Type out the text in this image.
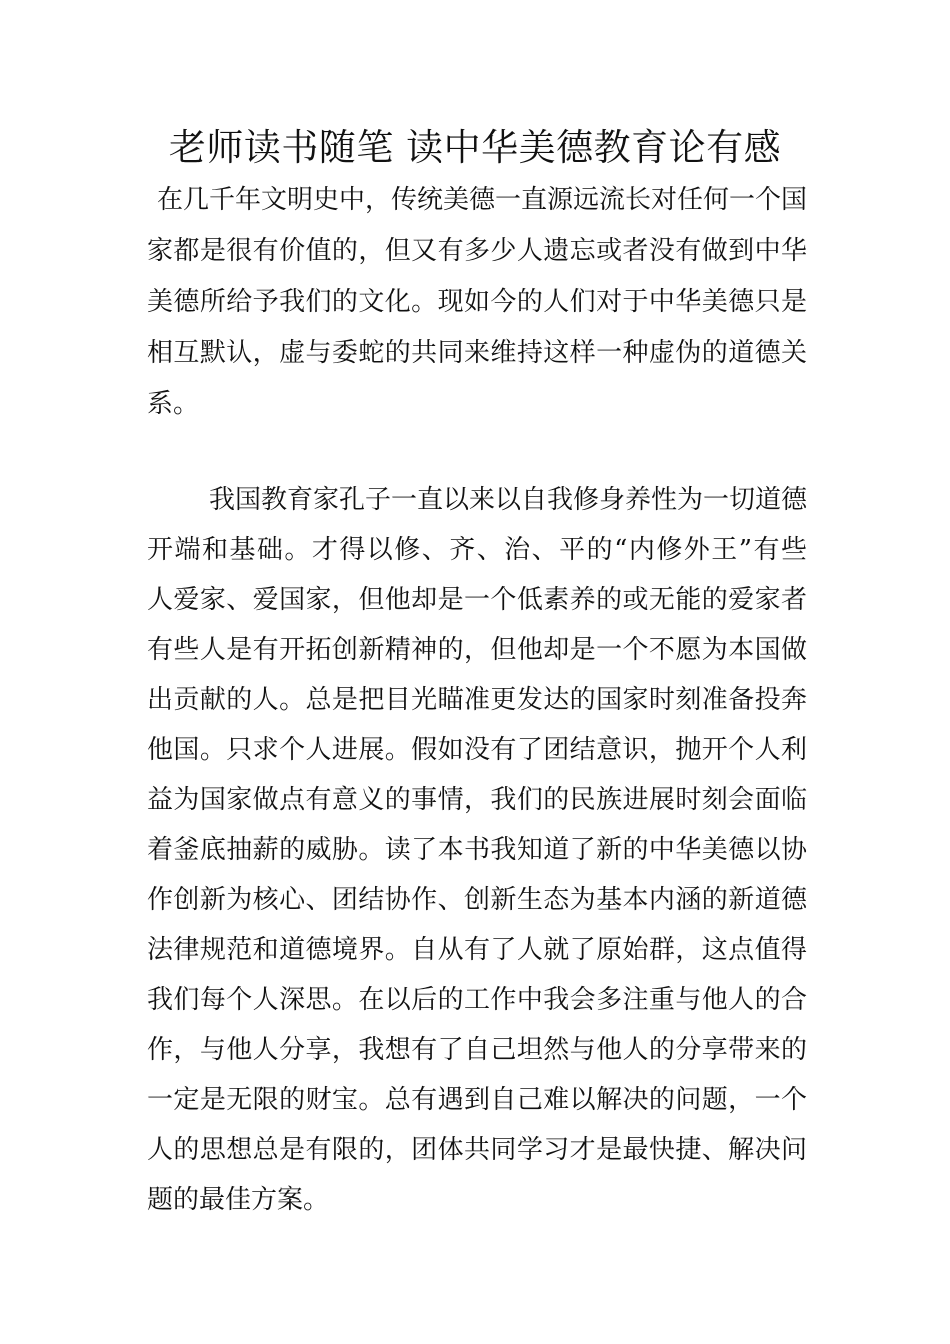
老师读书随笔 读中华美德教育论有感

在几千年文明史中，传统美德一直源远流长对任何一个国

家都是很有价值的，但又有多少人遗忘或者没有做到中华

美德所给予我们的文化。现如今的人们对于中华美德只是

相互默认，虚与委蛇的共同来维持这样一种虚伪的道德关

系。

我国教育家孔子一直以来以自我修身养性为一切道德

开端和基础。才得以修、齐、治、平的“内修外王”有些

人爱家、爱国家，但他却是一个低素养的或无能的爱家者

有些人是有开拓创新精神的，但他却是一个不愿为本国做

出贡献的人。总是把目光瞄准更发达的国家时刻准备投奔

他国。只求个人进展。假如没有了团结意识，抛开个人利

益为国家做点有意义的事情，我们的民族进展时刻会面临

着釜底抽薪的威胁。读了本书我知道了新的中华美德以协

作创新为核心、团结协作、创新生态为基本内涵的新道德

法律规范和道德境界。自从有了人就了原始群，这点值得

我们每个人深思。在以后的工作中我会多注重与他人的合

作，与他人分享，我想有了自己坦然与他人的分享带来的

一定是无限的财宝。总有遇到自己难以解决的问题，一个

人的思想总是有限的，团体共同学习才是最快捷、解决问

题的最佳方案。
